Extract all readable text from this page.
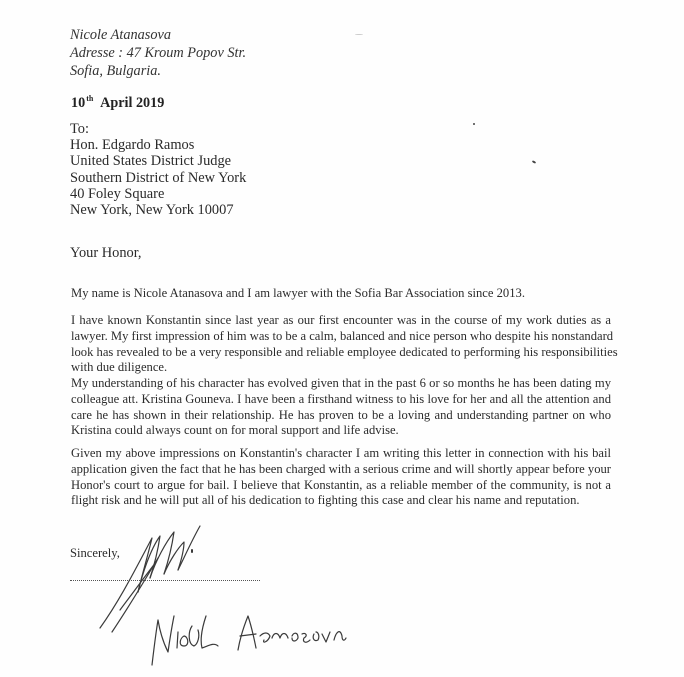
Nicole Atanasova
Adresse : 47 Kroum Popov Str.
Sofia, Bulgaria.
10th April 2019
To:
Hon. Edgardo Ramos
United States District Judge
Southern District of New York
40 Foley Square
New York, New York 10007
Your Honor,
My name is Nicole Atanasova and I am lawyer with the Sofia Bar Association since 2013.
I have known Konstantin since last year as our first encounter was in the course of my work duties as a
lawyer. My first impression of him was to be a calm, balanced and nice person who despite his nonstandard
look has revealed to be a very responsible and reliable employee dedicated to performing his responsibilities
with due diligence.
My understanding of his character has evolved given that in the past 6 or so months he has been dating my
colleague att. Kristina Gouneva. I have been a firsthand witness to his love for her and all the attention and
care he has shown in their relationship. He has proven to be a loving and understanding partner on who
Kristina could always count on for moral support and life advise.
Given my above impressions on Konstantin's character I am writing this letter in connection with his bail
application given the fact that he has been charged with a serious crime and will shortly appear before your
Honor's court to argue for bail. I believe that Konstantin, as a reliable member of the community, is not a
flight risk and he will put all of his dedication to fighting this case and clear his name and reputation.
Sincerely,
